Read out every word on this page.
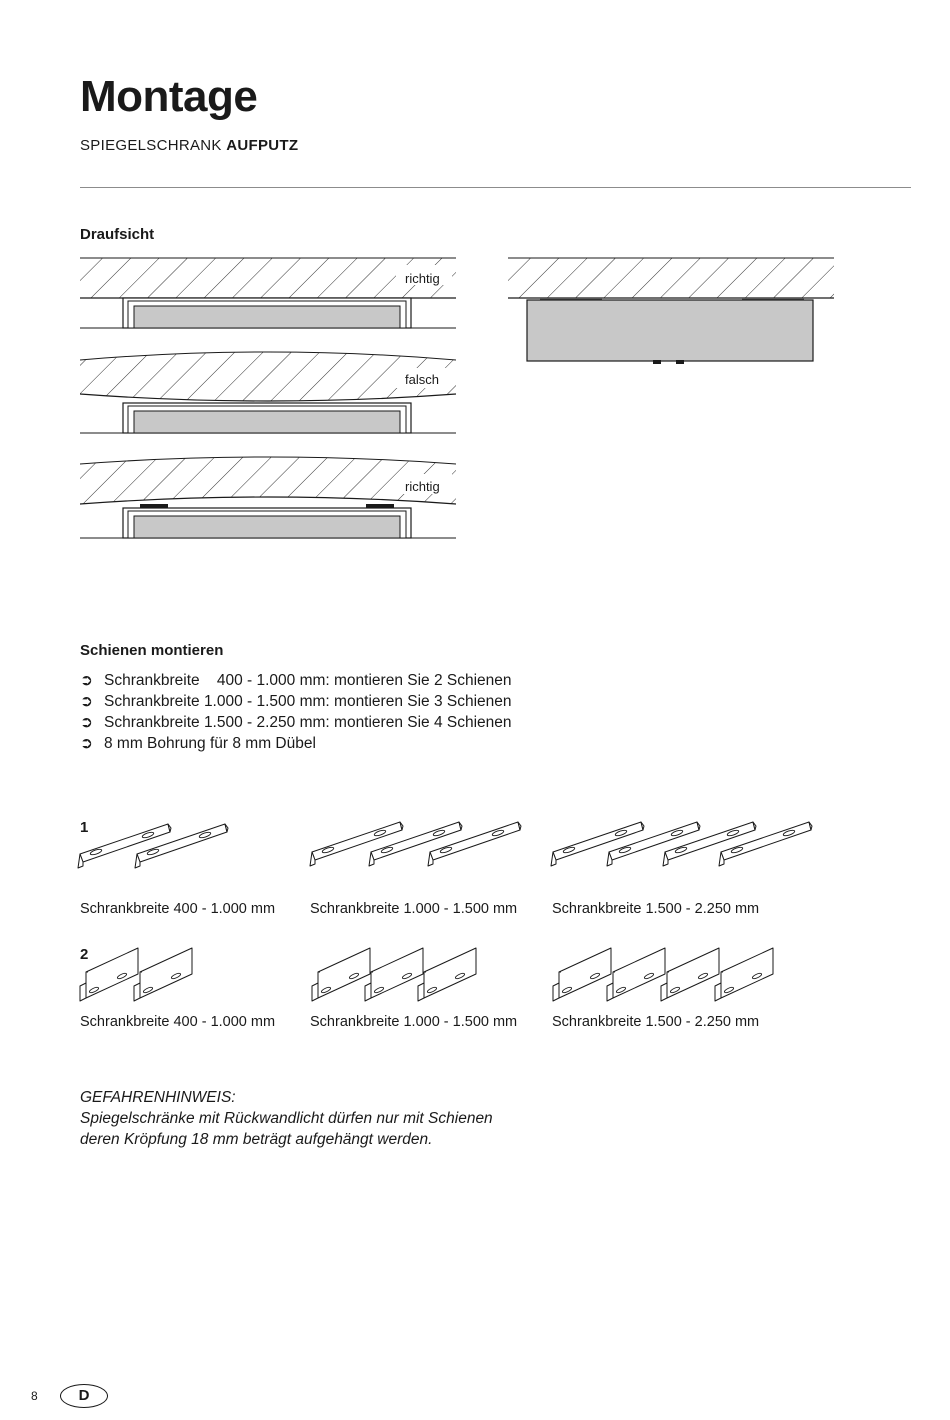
Montage
SPIEGELSCHRANK AUFPUTZ
Draufsicht
richtig
falsch
richtig
Schienen montieren
➲ Schrankbreite    400 - 1.000 mm: montieren Sie 2 Schienen
➲ Schrankbreite 1.000 - 1.500 mm: montieren Sie 3 Schienen
➲ Schrankbreite 1.500 - 2.250 mm: montieren Sie 4 Schienen
➲ 8 mm Bohrung für 8 mm Dübel
1
2
Schrankbreite 400 - 1.000 mm Schrankbreite 1.000 - 1.500 mm Schrankbreite 1.500 - 2.250 mm
Schrankbreite 400 - 1.000 mm Schrankbreite 1.000 - 1.500 mm Schrankbreite 1.500 - 2.250 mm
GEFAHRENHINWEIS:
Spiegelschränke mit Rückwandlicht dürfen nur mit Schienen
deren Kröpfung 18 mm beträgt aufgehängt werden.
8	D
